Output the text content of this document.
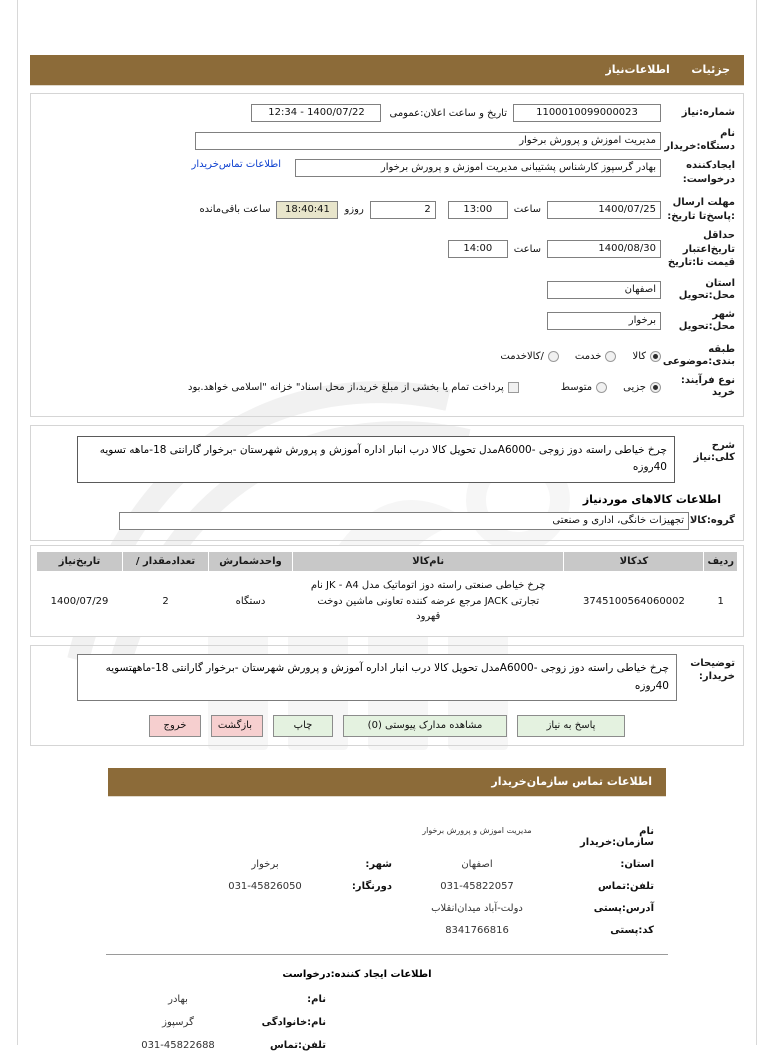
جزئیات  اطلاعات‌نیاز
شماره:نیاز
1100010099000023
تاریخ و ساعت اعلان:عمومی
1400/07/22 - 12:34
نام دستگاه:خریدار
مدیریت اموزش و پرورش برخوار
ایجادکننده درخواست:
بهادر گرسپوز کارشناس پشتیبانی مدیریت اموزش و پرورش برخوار
اطلاعات تماس‌خریدار
مهلت ارسال :پاسخ‌تا تاریخ:
1400/07/25
ساعت
13:00
2
روزو
18:40:41
ساعت باقی‌مانده
حداقل تاریخ‌اعتبار قیمت تا:تاریخ
1400/08/30
ساعت
14:00
استان محل:تحویل
اصفهان
شهر محل:تحویل
برخوار
طبقه بندی:موضوعی
کالا
خدمت
/کالاخدمت
نوع فرآیند: خرید
جزیی
متوسط
پرداخت تمام یا بخشی از مبلغ خرید،از محل اسناد" خزانه "اسلامی خواهد.بود
شرح کلی:نیاز
چرخ خیاطی راسته دوز زوجی -A6000مدل تحویل کالا درب انبار اداره آموزش و پرورش شهرستان -برخوار گارانتی 18-ماهه تسویه 40روزه
اطلاعات کالاهای موردنیاز
گروه:کالا
تجهیزات خانگی، اداری و صنعتی
ردیف	کدکالا	نام‌کالا	واحدشمارش	تعداد‌مقدار /	تاریخ‌نیاز
1	3745100564060002	چرخ خیاطی صنعتی راسته دوز اتوماتیک مدل JK - A4 نام تجارتی JACK مرجع عرضه کننده تعاونی ماشین دوخت قهرود	دستگاه	2	1400/07/29
توضیحات خریدار:
چرخ خیاطی راسته دوز زوجی -A6000مدل تحویل کالا درب انبار اداره آموزش و پرورش شهرستان -برخوار گارانتی 18-ماههتسویه 40روزه
پاسخ به نیاز
مشاهده مدارک پیوستی (0)
چاپ
بازگشت
خروج
اطلاعات تماس سازمان‌خریدار
نام سازمان:خریدار
مدیریت اموزش و پرورش برخوار
استان:
اصفهان
شهر:
برخوار
تلفن:تماس
031-45822057
دورنگار:
031-45826050
آدرس:پستی
دولت-آباد میدان‌انقلاب
کد:پستی
8341766816
اطلاعات ایجاد کننده:درخواست
نام:
بهادر
نام:خانوادگی
گرسپوز
تلفن:تماس
031-45822688
